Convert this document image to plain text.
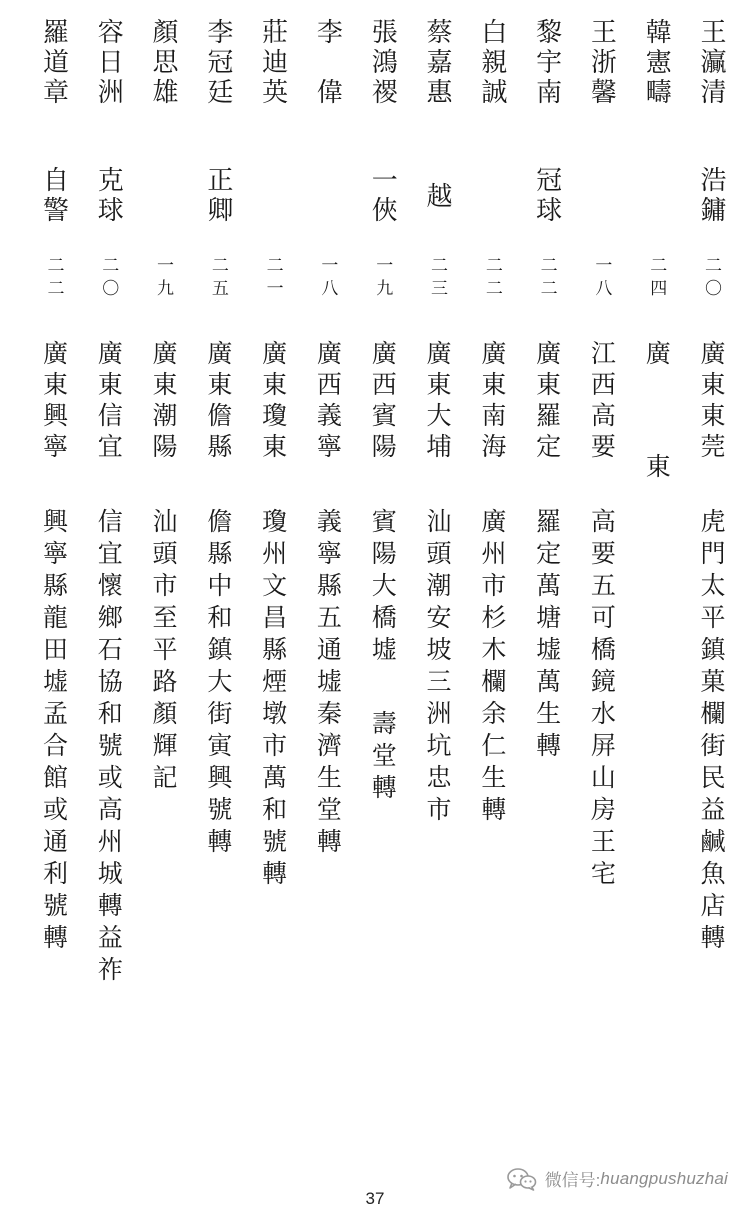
王灜清
浩鏞
二〇
廣東東莞
虎門太平鎮菓欄街民益鹹魚店轉
韓憲疇
二四
廣東
王浙馨
一八
江西高要
高要五可橋鏡水屏山房王宅
黎宇南
冠球
二二
廣東羅定
羅定萬塘墟萬生轉
白親誠
二二
廣東南海
廣州市杉木欄余仁生轉
蔡嘉惠
越
二三
廣東大埔
汕頭潮安坡三洲坑忠市
張鴻禝
一俠
一九
廣西賓陽
賓陽大橋墟壽堂轉
李　偉
一八
廣西義寧
義寧縣五通墟秦濟生堂轉
莊迪英
二一
廣東瓊東
瓊州文昌縣煙墩市萬和號轉
李冠廷
正卿
二五
廣東儋縣
儋縣中和鎮大街寅興號轉
顏思雄
一九
廣東潮陽
汕頭市至平路顏輝記
容日洲
克球
二〇
廣東信宜
信宜懷鄉石協和號或高州城轉益祚
羅道章
自警
二二
廣東興寧
興寧縣龍田墟孟合館或通利號轉
微信号: huangpushuzhai
37
